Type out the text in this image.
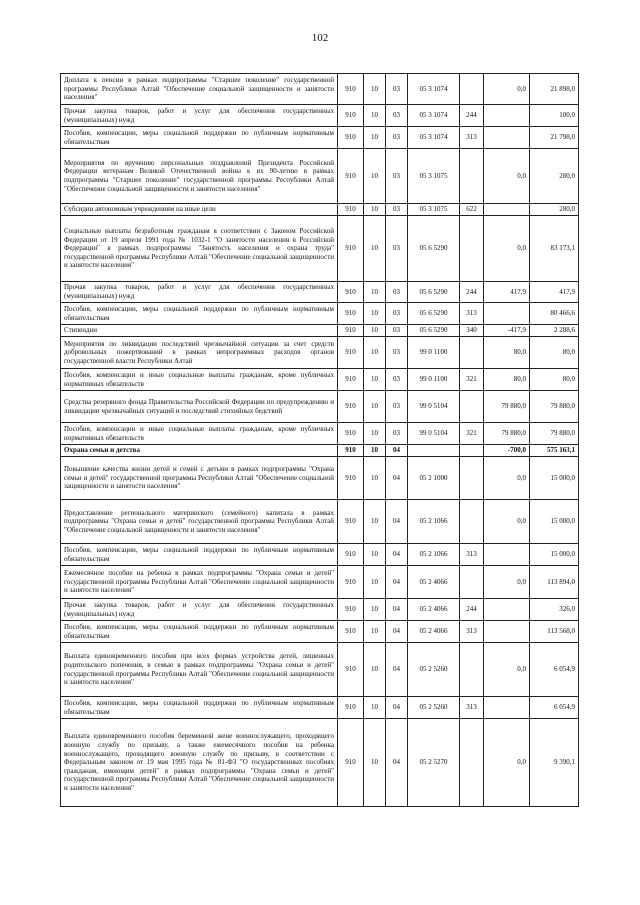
102
Доплата к пенсии в рамках подпрограммы "Старшее поколение" государственной программы Республики Алтай "Обеспечение социальной защищенности и занятости населения"	910	10	03	05 3 1074		0,0	21 898,0
Прочая закупка товаров, работ и услуг для обеспечения государственных (муниципальных) нужд	910	10	03	05 3 1074	244		100,0
Пособия, компенсации, меры социальной поддержки по публичным нормативным обязательствам	910	10	03	05 3 1074	313		21 798,0
Мероприятия по вручению персональных поздравлений Президента Российской Федерации ветеранам Великой Отечественной войны к их 90-летию в рамках подпрограммы "Старшее поколение" государственной программы Республики Алтай "Обеспечение социальной защищенности и занятости населения"	910	10	03	05 3 1075		0,0	280,0
Субсидии автономным учреждениям на иные цели	910	10	03	05 3 1075	622		280,0
Социальные выплаты безработным гражданам в соответствии с Законом Российской Федерации от 19 апреля 1991 года № 1032-1 "О занятости населения в Российской Федерации" в рамках подпрограммы "Занятость населения и охрана труда" государственной программы Республики Алтай "Обеспечение социальной защищенности и занятости населения"	910	10	03	05 6 5290		0,0	83 173,1
Прочая закупка товаров, работ и услуг для обеспечения государственных (муниципальных) нужд	910	10	03	05 6 5290	244	417,9	417,9
Пособия, компенсации, меры социальной поддержки по публичным нормативным обязательствам	910	10	03	05 6 5290	313		80 466,6
Стипендии	910	10	03	05 6 5290	340	-417,9	2 288,6
Мероприятия по ликвидации последствий чрезвычайной ситуации за счет средств добровольных пожертвований в рамках непрограммных расходов органов государственной власти Республики Алтай	910	10	03	99 0 1100		80,0	80,0
Пособия, компенсации и иные социальные выплаты гражданам, кроме публичных нормативных обязательств	910	10	03	99 0 1100	321	80,0	80,0
Средства резервного фонда Правительства Российской Федерации по предупреждению и ликвидации чрезвычайных ситуаций и последствий стихийных бедствий	910	10	03	99 0 5104		79 880,0	79 880,0
Пособия, компенсации и иные социальные выплаты гражданам, кроме публичных нормативных обязательств	910	10	03	99 0 5104	321	79 880,0	79 880,0
Охрана семьи и детства	910	10	04			-700,0	575 163,1
Повышение качества жизни детей и семей с детьми в рамках подпрограммы "Охрана семьи и детей" государственной программы Республики Алтай "Обеспечение социальной защищенности и занятости населения"	910	10	04	05 2 1000		0,0	15 000,0
Предоставление регионального материнского (семейного) капитала в рамках подпрограммы "Охрана семьи и детей" государственной программы Республики Алтай "Обеспечение социальной защищенности и занятости населения"	910	10	04	05 2 1066		0,0	15 000,0
Пособия, компенсации, меры социальной поддержки по публичным нормативным обязательствам	910	10	04	05 2 1066	313		15 000,0
Ежемесячное пособие на ребенка в рамках подпрограммы "Охрана семьи и детей" государственной программы Республики Алтай "Обеспечение социальной защищенности и занятости населения"	910	10	04	05 2 4066		0,0	113 894,0
Прочая закупка товаров, работ и услуг для обеспечения государственных (муниципальных) нужд	910	10	04	05 2 4066	244		326,0
Пособия, компенсации, меры социальной поддержки по публичным нормативным обязательствам	910	10	04	05 2 4066	313		113 568,0
Выплата единовременного пособия при всех формах устройства детей, лишенных родительского попечения, в семью в рамках подпрограммы "Охрана семьи и детей" государственной программы Республики Алтай "Обеспечение социальной защищенности и занятости населения"	910	10	04	05 2 5260		0,0	6 054,9
Пособия, компенсации, меры социальной поддержки по публичным нормативным обязательствам	910	10	04	05 2 5260	313		6 054,9
Выплата единовременного пособия беременной жене военнослужащего, проходящего военную службу по призыву, а также ежемесячного пособия на ребенка военнослужащего, проходящего военную службу по призыву, в соответствии с Федеральным законом от 19 мая 1995 года № 81-ФЗ "О государственных пособиях гражданам, имеющим детей" в рамках подпрограммы "Охрана семьи и детей" государственной программы Республики Алтай "Обеспечение социальной защищенности и занятости населения"	910	10	04	05 2 5270		0,0	9 390,1
